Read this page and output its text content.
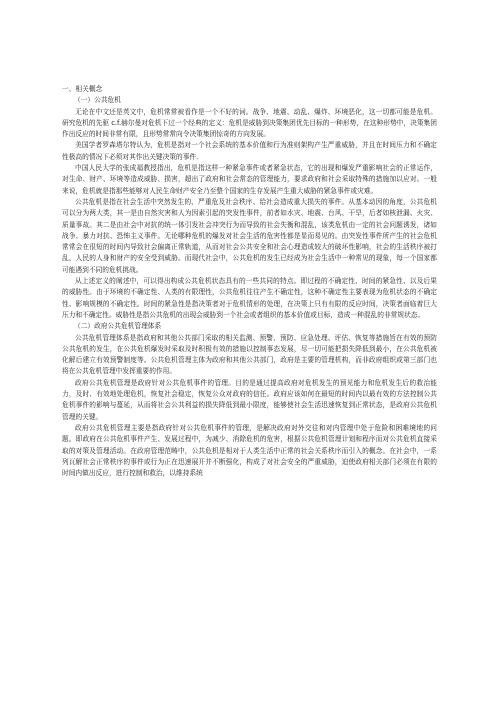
一、相关概念

（一）公共危机

无论在中文还是英文中，危机常常被看作是一个不好的词。战争、地震、动乱、爆炸、环境恶化，这一切都可能是危机。研究危机的先驱 c.f.赫尔曼对危机下过一个经典的定义：危机是威胁到决策集团优先目标的一种形势，在这种形势中，决策集团作出反应的时间非常有限，且形势常常向令决策集团惊奇的方向发展。

美国学者罗森塔尔特认为，危机是指对一个社会系统的基本价值和行为准则架构产生严重威胁，并且在时间压力和不确定性极高的情况下必须对其作出关键决策的事件.

中国人民大学的张成福教授指出，危机是指这样一种紧急事件或者紧急状态，它的出现和爆发严重影响社会的正常运作，对生命、财产、环境等造成威胁、损害，超出了政府和社会常态的管理能力，要求政府和社会采取特殊的措施加以应对。一般来说，危机就是指那些能够对人民生命财产安全乃至整个国家的生存发展产生重大威胁的紧急事件或灾难。

公共危机是指在社会生活中突然发生的、严重危及社会秩序、给社会造成重大损失的事件。从基本动因的角度，公共危机可以分为两大类，其一是由自然灾害和人为因素引起的突发性事件，前者如水灾、地震、台风、干旱，后者如核泄漏、火灾、质量事故。其二是由社会中对抗的统一体引发社会冲突行为而导致的社会失衡和混乱，该类危机由一定的社会问题诱发，诸如战争、暴力对抗、恐怖主义事件。无论哪种危机的爆发对社会生活的危害性都是显而易见的。由突发性事件所产生的社会危机常常会在很短的时间内导致社会偏离正常轨道，从而对社会公共安全和社会心理造成较大的破坏性影响，社会的生活秩序被打乱，人民的人身和财产的安全受到威胁。而现代社会中，公共危机的发生已经成为社会生活中一种常见的现象，每一个国家都可能遇到不同的危机挑战。

从上述定义的阐述中，可以得出构成公共危机状态具有的一些共同的特点。即过程的不确定性、时间的紧急性、以及后果的威胁性。由于环境的不确定性、人类的有限理性，公共危机往往产生不确定性，这种不确定性主要表现为危机状态的不确定性、影响规模的不确定性。时间的紧急性是指决策者对于危机情形的处理，在决策上只有有限的反应时间，决策者面临着巨大压力和不确定性。威胁性是指公共危机的出现会威胁到一个社会或者组织的基本价值或目标，造成一种混乱的非常规状态。

（二）政府公共危机管理体系

公共危机管理体系是指政府和其他公共部门采取的相关监测、预警、预防、应急处理、评估、恢复等措施旨在有效的预防公共危机的发生，在公共危机爆发时采取及时积极有效的措施以控制事态发展，尽一切可能把损失降低到最小，在公共危机被化解后建立有效预警制度等。公共危机管理主体为政府和其他公共部门，政府是主要的管理机构，而非政府组织或第三部门也将在公共危机管理中发挥重要的作用。

政府公共危机管理是政府针对公共危机事件的管理。目的是通过提高政府对危机发生的预见能力和危机发生后的救治能力，及时、有效地处理危机，恢复社会稳定，恢复公众对政府的信任。政府应该如何在最短的时间内以最有效的方法控制公共危机事件的影响与蔓延，从而将社会公共利益的损失降低到最小限度，能够使社会生活迅速恢复到正常状态，是政府公共危机管理的关键。

政府公共危机管理主要是指政府针对公共危机事件的管理，是解决政府对外交往和对内管理中处于危险和困难境地的问题。即政府在公共危机事件产生、发展过程中，为减少、消除危机的危害，根据公共危机管理计划和程序而对公共危机直接采取的对策及管理活动。在政府管理范畴中，公共危机是相对于人类生活中正常的社会关系秩序而引入的概念。在社会中，一系列瓦解社会正常秩序的事件或行为正在迅速展开并不断强化，构成了对社会安全的严重威胁，迫使政府相关部门必须在有限的时间内做出反应，进行控制和救治，以维持系统
